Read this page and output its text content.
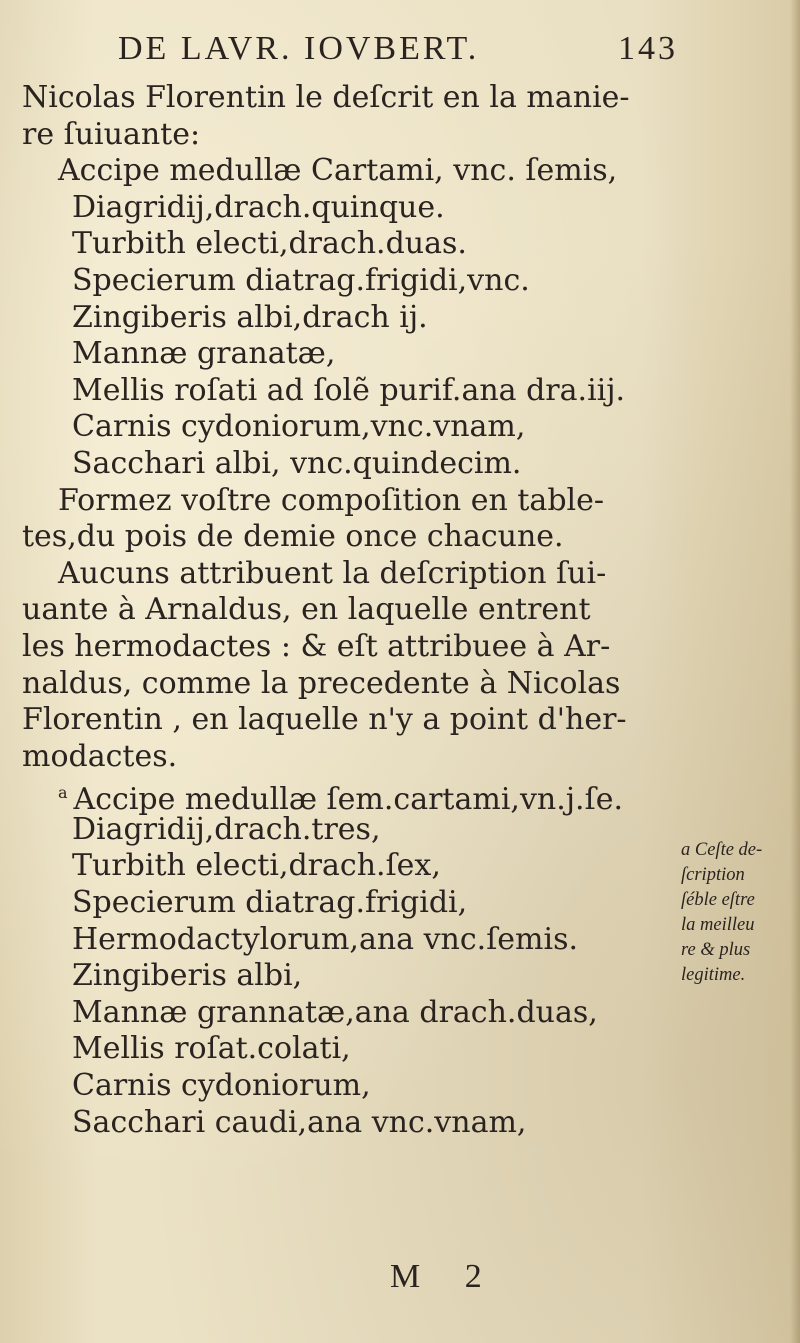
DE LAVR. IOVBERT.	143
Nicolas Florentin le deſcrit en la manie-
re ſuiuante:
Accipe medullæ Cartami, vnc. ſemis,
Diagridij,drach.quinque.
Turbith electi,drach.duas.
Specierum diatrag.frigidi,vnc.
Zingiberis albi,drach ij.
Mannæ granatæ,
Mellis roſati ad ſolẽ purif.ana dra.iij.
Carnis cydoniorum,vnc.vnam,
Sacchari albi, vnc.quindecim.
Formez voſtre compoſition en table-
tes,du pois de demie once chacune.
Aucuns attribuent la deſcription ſui-
uante à Arnaldus, en laquelle entrent
les hermodactes : & eſt attribuee à Ar-
naldus, comme la precedente à Nicolas
Florentin , en laquelle n'y a point d'her-
modactes.
$^a$ Accipe medullæ ſem.cartami,vn.j.ſe.
Diagridij,drach.tres,
Turbith electi,drach.ſex,
Specierum diatrag.frigidi,
Hermodactylorum,ana vnc.ſemis.
Zingiberis albi,
Mannæ grannatæ,ana drach.duas,
Mellis roſat.colati,
Carnis cydoniorum,
Sacchari caudi,ana vnc.vnam,
a Ceſte de-
ſcription
ſéble eſtre
la meilleu
re & plus
legitime.
M 2
